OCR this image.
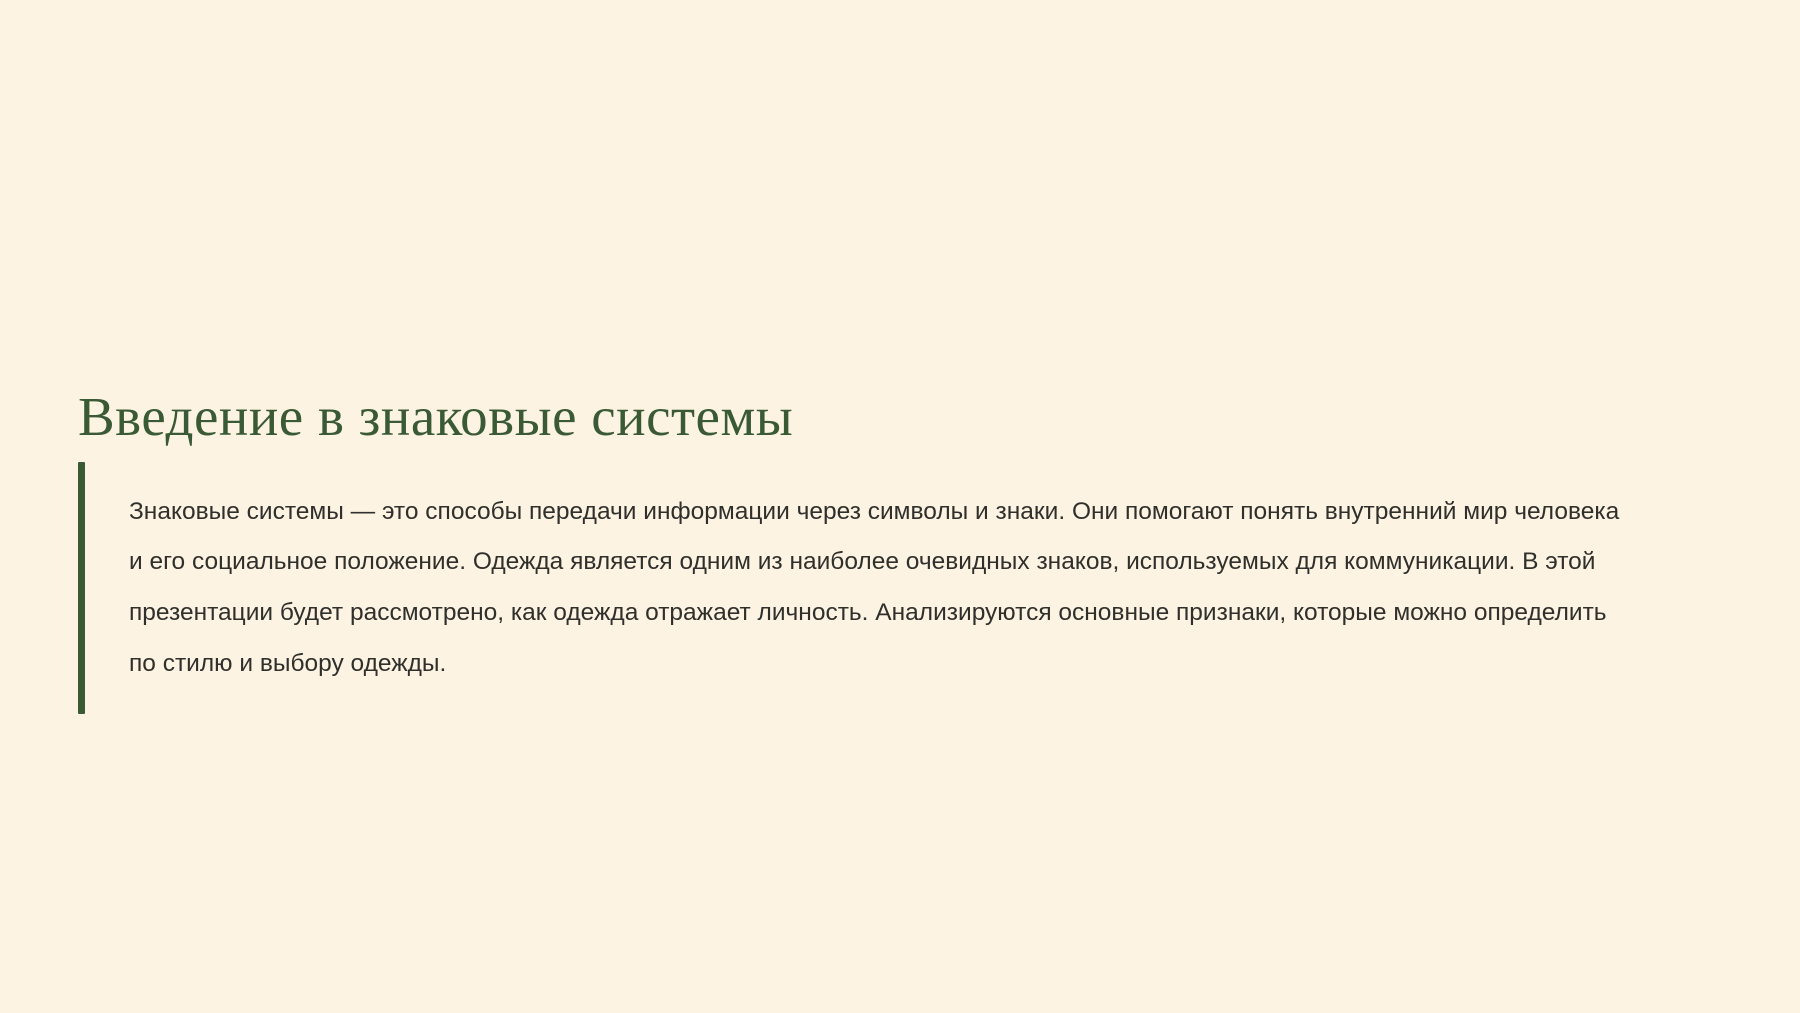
Введение в знаковые системы

Знаковые системы — это способы передачи информации через символы и знаки. Они помогают понять внутренний мир человека и его социальное положение. Одежда является одним из наиболее очевидных знаков, используемых для коммуникации. В этой презентации будет рассмотрено, как одежда отражает личность. Анализируются основные признаки, которые можно определить по стилю и выбору одежды.
